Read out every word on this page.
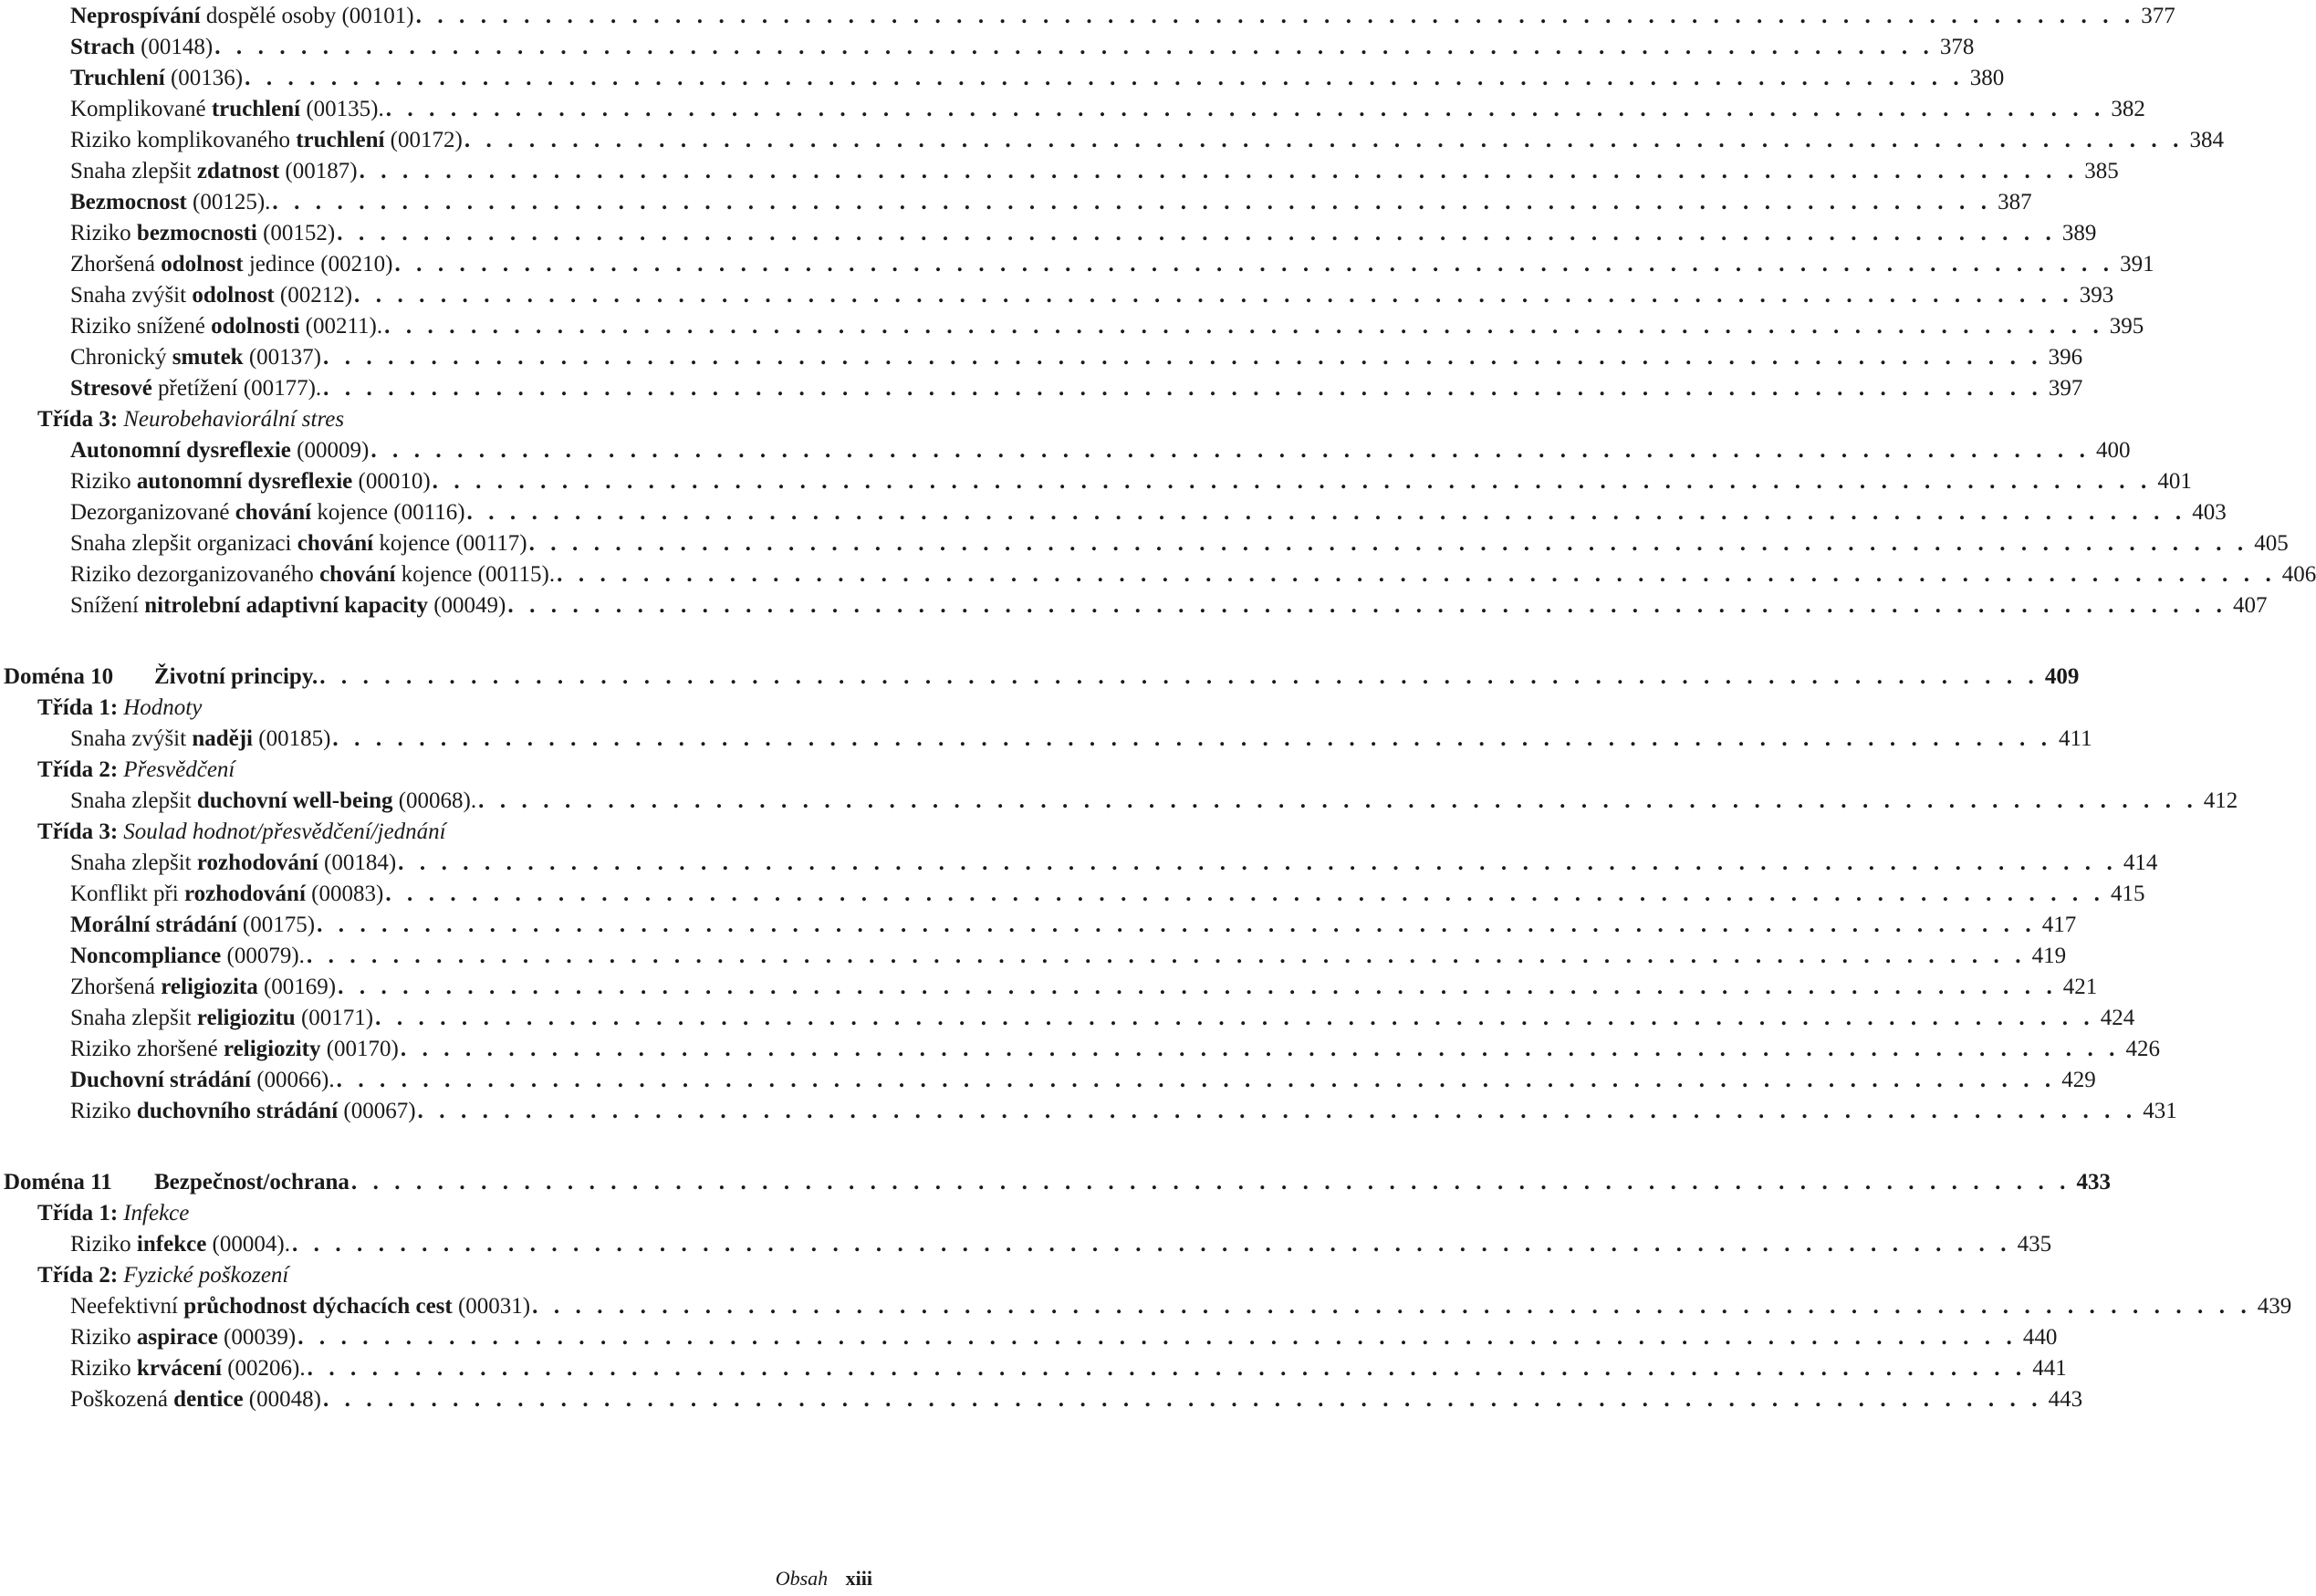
Neprospívání dospělé osoby (00101) . . . . . . . . . . . . . . . . . . . . . . . . . . . . . . . . . . . . . . . . . . . . . . . . . . . . . . . . . . . . . . . . . . . . . . . . . . . . . . . . 377
Strach (00148) . . . . . . . . . . . . . . . . . . . . . . . . . . . . . . . . . . . . . . . . . . . . . . . . . . . . . . . . . . . . . . . . . . . . . . . . . . . . . . . . 378
Truchlení (00136) . . . . . . . . . . . . . . . . . . . . . . . . . . . . . . . . . . . . . . . . . . . . . . . . . . . . . . . . . . . . . . . . . . . . . . . . . . . . . . . . 380
Komplikované truchlení (00135). . . . . . . . . . . . . . . . . . . . . . . . . . . . . . . . . . . . . . . . . . . . . . . . . . . . . . . . . . . . . . . . . . . . . . . . . . . . . . . . . 382
Riziko komplikovaného truchlení (00172) . . . . . . . . . . . . . . . . . . . . . . . . . . . . . . . . . . . . . . . . . . . . . . . . . . . . . . . . . . . . . . . . . . . . . . . . . . . . . . . . 384
Snaha zlepšit zdatnost (00187) . . . . . . . . . . . . . . . . . . . . . . . . . . . . . . . . . . . . . . . . . . . . . . . . . . . . . . . . . . . . . . . . . . . . . . . . . . . . . . . . 385
Bezmocnost (00125). . . . . . . . . . . . . . . . . . . . . . . . . . . . . . . . . . . . . . . . . . . . . . . . . . . . . . . . . . . . . . . . . . . . . . . . . . . . . . . . . 387
Riziko bezmocnosti (00152) . . . . . . . . . . . . . . . . . . . . . . . . . . . . . . . . . . . . . . . . . . . . . . . . . . . . . . . . . . . . . . . . . . . . . . . . . . . . . . . . 389
Zhoršená odolnost jedince (00210) . . . . . . . . . . . . . . . . . . . . . . . . . . . . . . . . . . . . . . . . . . . . . . . . . . . . . . . . . . . . . . . . . . . . . . . . . . . . . . . . 391
Snaha zvýšit odolnost (00212) . . . . . . . . . . . . . . . . . . . . . . . . . . . . . . . . . . . . . . . . . . . . . . . . . . . . . . . . . . . . . . . . . . . . . . . . . . . . . . . . 393
Riziko snížené odolnosti (00211). . . . . . . . . . . . . . . . . . . . . . . . . . . . . . . . . . . . . . . . . . . . . . . . . . . . . . . . . . . . . . . . . . . . . . . . . . . . . . . . . 395
Chronický smutek (00137) . . . . . . . . . . . . . . . . . . . . . . . . . . . . . . . . . . . . . . . . . . . . . . . . . . . . . . . . . . . . . . . . . . . . . . . . . . . . . . . . 396
Stresové přetížení (00177). . . . . . . . . . . . . . . . . . . . . . . . . . . . . . . . . . . . . . . . . . . . . . . . . . . . . . . . . . . . . . . . . . . . . . . . . . . . . . . . . 397
Třída 3: Neurobehaviorální stres
Autonomní dysreflexie (00009) . . . . . . . . . . . . . . . . . . . . . . . . . . . . . . . . . . . . . . . . . . . . . . . . . . . . . . . . . . . . . . . . . . . . . . . . . . . . . . . . 400
Riziko autonomní dysreflexie (00010) . . . . . . . . . . . . . . . . . . . . . . . . . . . . . . . . . . . . . . . . . . . . . . . . . . . . . . . . . . . . . . . . . . . . . . . . . . . . . . . . 401
Dezorganizované chování kojence (00116) . . . . . . . . . . . . . . . . . . . . . . . . . . . . . . . . . . . . . . . . . . . . . . . . . . . . . . . . . . . . . . . . . . . . . . . . . . . . . . . . 403
Snaha zlepšit organizaci chování kojence (00117) . . . . . . . . . . . . . . . . . . . . . . . . . . . . . . . . . . . . . . . . . . . . . . . . . . . . . . . . . . . . . . . . . . . . . . . . . . . . . . . . 405
Riziko dezorganizovaného chování kojence (00115). . . . . . . . . . . . . . . . . . . . . . . . . . . . . . . . . . . . . . . . . . . . . . . . . . . . . . . . . . . . . . . . . . . . . . . . . . . . . . . . . 406
Snížení nitrolební adaptivní kapacity (00049) . . . . . . . . . . . . . . . . . . . . . . . . . . . . . . . . . . . . . . . . . . . . . . . . . . . . . . . . . . . . . . . . . . . . . . . . . . . . . . . . 407
Doména 10	Životní principy. . . . . . . . . . . . . . . . . . . . . . . . . . . . . . . . . . . . . . . . . . . . . . . . . . . . . . . . . . . . . . . . . . . . . . . . . . . . . . . . . 409
Třída 1: Hodnoty
Snaha zvýšit naději (00185) . . . . . . . . . . . . . . . . . . . . . . . . . . . . . . . . . . . . . . . . . . . . . . . . . . . . . . . . . . . . . . . . . . . . . . . . . . . . . . . . 411
Třída 2: Přesvědčení
Snaha zlepšit duchovní well-being (00068). . . . . . . . . . . . . . . . . . . . . . . . . . . . . . . . . . . . . . . . . . . . . . . . . . . . . . . . . . . . . . . . . . . . . . . . . . . . . . . . . 412
Třída 3: Soulad hodnot/přesvědčení/jednání
Snaha zlepšit rozhodování (00184) . . . . . . . . . . . . . . . . . . . . . . . . . . . . . . . . . . . . . . . . . . . . . . . . . . . . . . . . . . . . . . . . . . . . . . . . . . . . . . . . 414
Konflikt při rozhodování (00083) . . . . . . . . . . . . . . . . . . . . . . . . . . . . . . . . . . . . . . . . . . . . . . . . . . . . . . . . . . . . . . . . . . . . . . . . . . . . . . . . 415
Morální strádání (00175) . . . . . . . . . . . . . . . . . . . . . . . . . . . . . . . . . . . . . . . . . . . . . . . . . . . . . . . . . . . . . . . . . . . . . . . . . . . . . . . . 417
Noncompliance (00079). . . . . . . . . . . . . . . . . . . . . . . . . . . . . . . . . . . . . . . . . . . . . . . . . . . . . . . . . . . . . . . . . . . . . . . . . . . . . . . . . 419
Zhoršená religiozita (00169) . . . . . . . . . . . . . . . . . . . . . . . . . . . . . . . . . . . . . . . . . . . . . . . . . . . . . . . . . . . . . . . . . . . . . . . . . . . . . . . . 421
Snaha zlepšit religiozitu (00171) . . . . . . . . . . . . . . . . . . . . . . . . . . . . . . . . . . . . . . . . . . . . . . . . . . . . . . . . . . . . . . . . . . . . . . . . . . . . . . . . 424
Riziko zhoršené religiozity (00170) . . . . . . . . . . . . . . . . . . . . . . . . . . . . . . . . . . . . . . . . . . . . . . . . . . . . . . . . . . . . . . . . . . . . . . . . . . . . . . . . 426
Duchovní strádání (00066). . . . . . . . . . . . . . . . . . . . . . . . . . . . . . . . . . . . . . . . . . . . . . . . . . . . . . . . . . . . . . . . . . . . . . . . . . . . . . . . . 429
Riziko duchovního strádání (00067) . . . . . . . . . . . . . . . . . . . . . . . . . . . . . . . . . . . . . . . . . . . . . . . . . . . . . . . . . . . . . . . . . . . . . . . . . . . . . . . . 431
Doména 11	Bezpečnost/ochrana . . . . . . . . . . . . . . . . . . . . . . . . . . . . . . . . . . . . . . . . . . . . . . . . . . . . . . . . . . . . . . . . . . . . . . . . . . . . . . . . 433
Třída 1: Infekce
Riziko infekce (00004). . . . . . . . . . . . . . . . . . . . . . . . . . . . . . . . . . . . . . . . . . . . . . . . . . . . . . . . . . . . . . . . . . . . . . . . . . . . . . . . . 435
Třída 2: Fyzické poškození
Neefektivní průchodnost dýchacích cest (00031) . . . . . . . . . . . . . . . . . . . . . . . . . . . . . . . . . . . . . . . . . . . . . . . . . . . . . . . . . . . . . . . . . . . . . . . . . . . . . . . . 439
Riziko aspirace (00039) . . . . . . . . . . . . . . . . . . . . . . . . . . . . . . . . . . . . . . . . . . . . . . . . . . . . . . . . . . . . . . . . . . . . . . . . . . . . . . . . 440
Riziko krvácení (00206). . . . . . . . . . . . . . . . . . . . . . . . . . . . . . . . . . . . . . . . . . . . . . . . . . . . . . . . . . . . . . . . . . . . . . . . . . . . . . . . . 441
Poškozená dentice (00048) . . . . . . . . . . . . . . . . . . . . . . . . . . . . . . . . . . . . . . . . . . . . . . . . . . . . . . . . . . . . . . . . . . . . . . . . . . . . . . . . 443
Obsah xiii
